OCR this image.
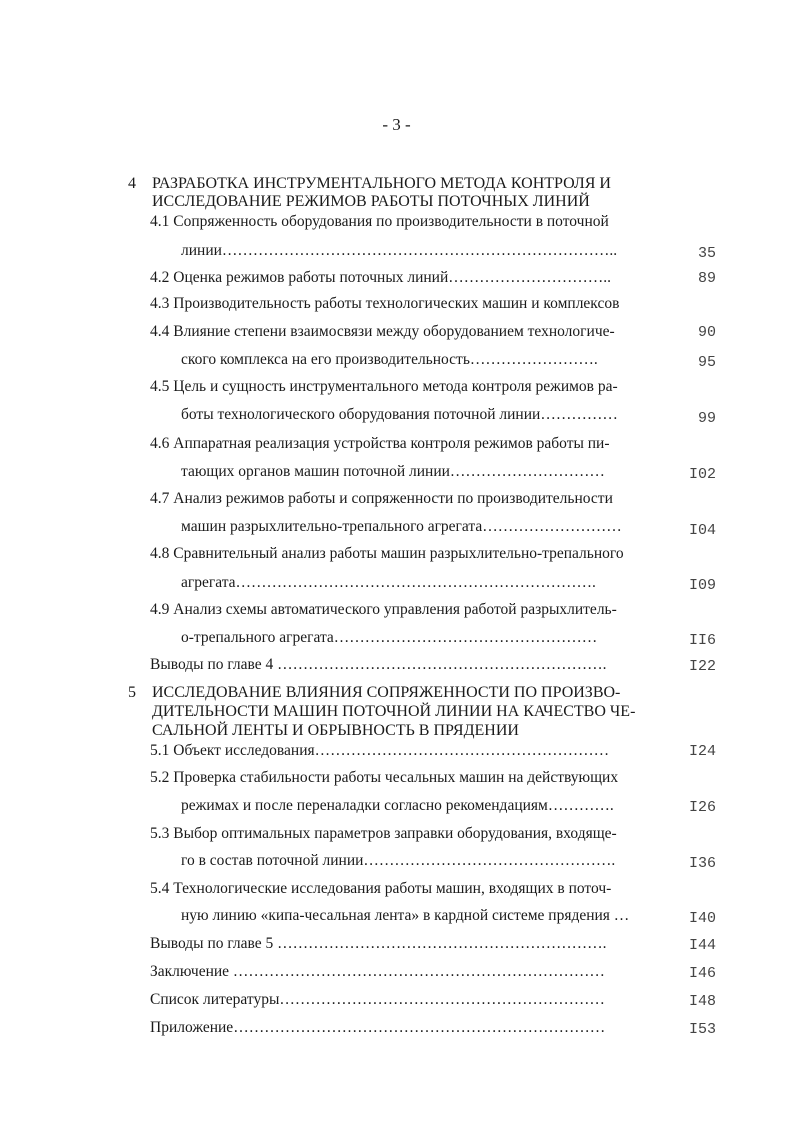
- 3 -
4 РАЗРАБОТКА ИНСТРУМЕНТАЛЬНОГО МЕТОДА КОНТРОЛЯ И
ИССЛЕДОВАНИЕ РЕЖИМОВ РАБОТЫ ПОТОЧНЫХ ЛИНИЙ
4.1 Сопряженность оборудования по производительности в поточной
линии…………………………………………………………………..	35
4.2 Оценка режимов работы поточных линий…………………………..	89
4.3 Производительность работы технологических машин и комплексов
4.4 Влияние степени взаимосвязи между оборудованием технологиче-	90
ского комплекса на его производительность…………………….	95
4.5 Цель и сущность инструментального метода контроля режимов ра-
боты технологического оборудования поточной линии……………	99
4.6 Аппаратная реализация устройства контроля режимов работы пи-
тающих органов машин поточной линии…………………………	I02
4.7 Анализ режимов работы и сопряженности по производительности
машин разрыхлительно-трепального агрегата………………………	I04
4.8 Сравнительный анализ работы машин разрыхлительно-трепального
агрегата…………………………………………………………….	I09
4.9 Анализ схемы автоматического управления работой разрыхлитель-
о-трепального агрегата……………………………………………	II6
Выводы по главе 4 ……………………………………………………….	I22
5 ИССЛЕДОВАНИЕ ВЛИЯНИЯ СОПРЯЖЕННОСТИ ПО ПРОИЗВО-
ДИТЕЛЬНОСТИ МАШИН ПОТОЧНОЙ ЛИНИИ НА КАЧЕСТВО ЧЕ-
САЛЬНОЙ ЛЕНТЫ И ОБРЫВНОСТЬ В ПРЯДЕНИИ
5.1 Объект исследования…………………………………………………	I24
5.2 Проверка стабильности работы чесальных машин на действующих
режимах и после переналадки согласно рекомендациям………….	I26
5.3 Выбор оптимальных параметров заправки оборудования, входяще-
го в состав поточной линии………………………………………….	I36
5.4 Технологические исследования работы машин, входящих в поточ-
ную линию «кипа-чесальная лента» в кардной системе прядения …	I40
Выводы по главе 5 ……………………………………………………….	I44
Заключение ………………………………………………………………	I46
Список литературы………………………………………………………	I48
Приложение………………………………………………………………	I53
